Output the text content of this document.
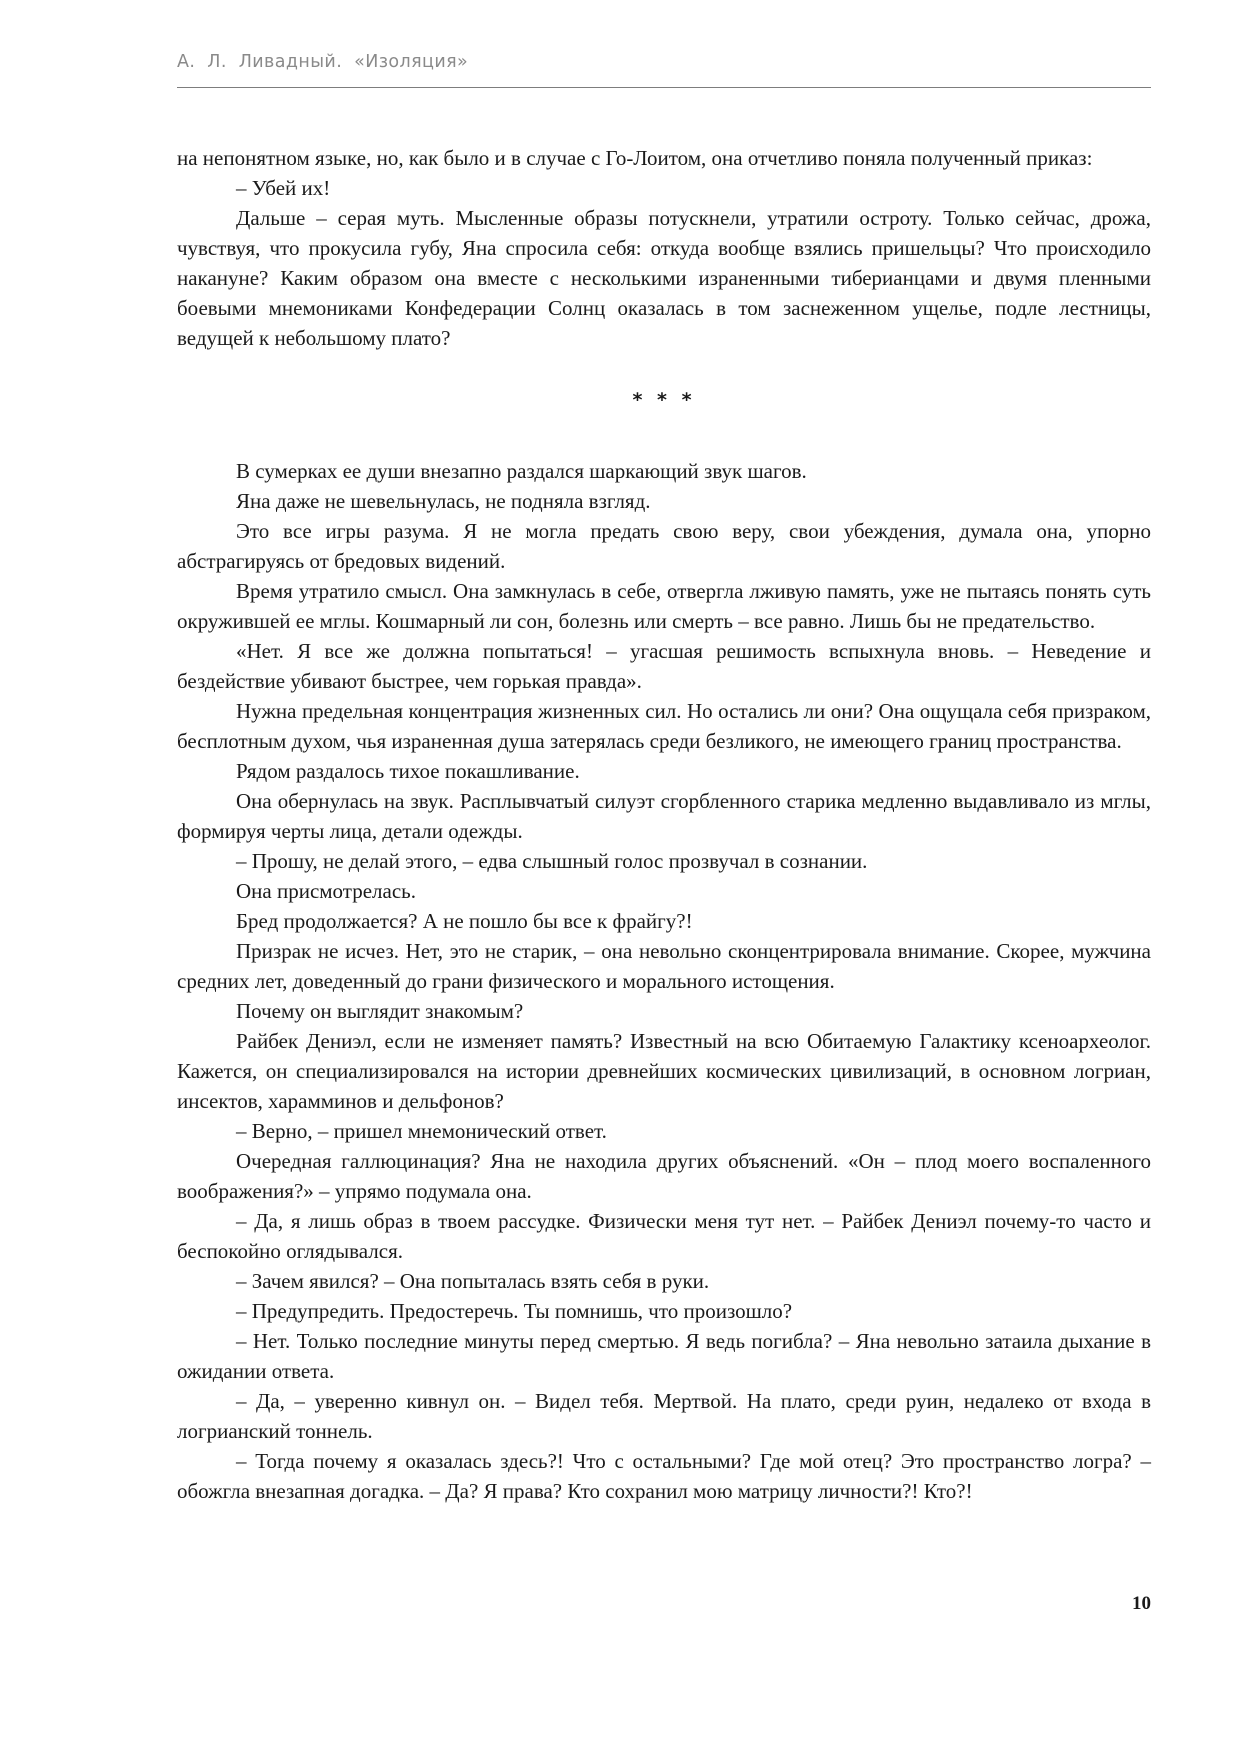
А.  Л.  Ливадный.  «Изоляция»

на непонятном языке, но, как было и в случае с Го-Лоитом, она отчетливо поняла полученный приказ:

– Убей их!

Дальше – серая муть. Мысленные образы потускнели, утратили остроту. Только сейчас, дрожа, чувствуя, что прокусила губу, Яна спросила себя: откуда вообще взялись пришельцы? Что происходило накануне? Каким образом она вместе с несколькими израненными тиберианцами и двумя пленными боевыми мнемониками Конфедерации Солнц оказалась в том заснеженном ущелье, подле лестницы, ведущей к небольшому плато?

* * *

В сумерках ее души внезапно раздался шаркающий звук шагов.

Яна даже не шевельнулась, не подняла взгляд.

Это все игры разума. Я не могла предать свою веру, свои убеждения, думала она, упорно абстрагируясь от бредовых видений.

Время утратило смысл. Она замкнулась в себе, отвергла лживую память, уже не пытаясь понять суть окружившей ее мглы. Кошмарный ли сон, болезнь или смерть – все равно. Лишь бы не предательство.

«Нет. Я все же должна попытаться! – угасшая решимость вспыхнула вновь. – Неведение и бездействие убивают быстрее, чем горькая правда».

Нужна предельная концентрация жизненных сил. Но остались ли они? Она ощущала себя призраком, бесплотным духом, чья израненная душа затерялась среди безликого, не имеющего границ пространства.

Рядом раздалось тихое покашливание.

Она обернулась на звук. Расплывчатый силуэт сгорбленного старика медленно выдавливало из мглы, формируя черты лица, детали одежды.

– Прошу, не делай этого, – едва слышный голос прозвучал в сознании.

Она присмотрелась.

Бред продолжается? А не пошло бы все к фрайгу?!

Призрак не исчез. Нет, это не старик, – она невольно сконцентрировала внимание. Скорее, мужчина средних лет, доведенный до грани физического и морального истощения.

Почему он выглядит знакомым?

Райбек Дениэл, если не изменяет память? Известный на всю Обитаемую Галактику ксеноархеолог. Кажется, он специализировался на истории древнейших космических цивилизаций, в основном логриан, инсектов, харамминов и дельфонов?

– Верно, – пришел мнемонический ответ.

Очередная галлюцинация? Яна не находила других объяснений. «Он – плод моего воспаленного воображения?» – упрямо подумала она.

– Да, я лишь образ в твоем рассудке. Физически меня тут нет. – Райбек Дениэл почему-то часто и беспокойно оглядывался.

– Зачем явился? – Она попыталась взять себя в руки.

– Предупредить. Предостеречь. Ты помнишь, что произошло?

– Нет. Только последние минуты перед смертью. Я ведь погибла? – Яна невольно затаила дыхание в ожидании ответа.

– Да, – уверенно кивнул он. – Видел тебя. Мертвой. На плато, среди руин, недалеко от входа в логрианский тоннель.

– Тогда почему я оказалась здесь?! Что с остальными? Где мой отец? Это пространство логра? – обожгла внезапная догадка. – Да? Я права? Кто сохранил мою матрицу личности?! Кто?!

10
